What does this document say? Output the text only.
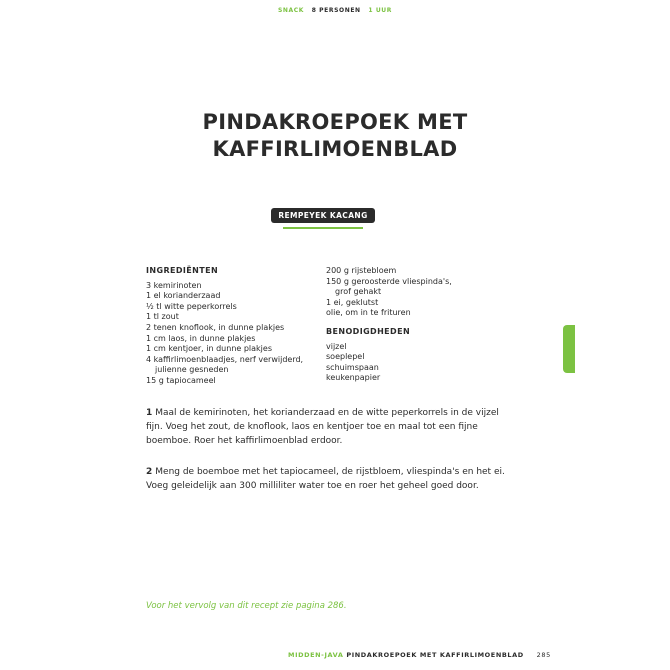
SNACK 8 PERSONEN 1 UUR
PINDAKROEPOEK MET
KAFFIRLIMOENBLAD
REMPEYEK KACANG
INGREDIËNTEN
3 kemirinoten
1 el korianderzaad
½ tl witte peperkorrels
1 tl zout
2 tenen knoflook, in dunne plakjes
1 cm laos, in dunne plakjes
1 cm kentjoer, in dunne plakjes
4 kaffirlimoenblaadjes, nerf verwijderd,
julienne gesneden
15 g tapiocameel
200 g rijstebloem
150 g geroosterde vliespinda's,
grof gehakt
1 ei, geklutst
olie, om in te frituren
BENODIGDHEDEN
vijzel
soeplepel
schuimspaan
keukenpapier
1 Maal de kemirinoten, het korianderzaad en de witte peperkorrels in de vijzel fijn. Voeg het zout, de knoflook, laos en kentjoer toe en maal tot een fijne boemboe. Roer het kaffirlimoenblad erdoor.
2 Meng de boemboe met het tapiocameel, de rijstbloem, vliespinda's en het ei. Voeg geleidelijk aan 300 milliliter water toe en roer het geheel goed door.
Voor het vervolg van dit recept zie pagina 286.
MIDDEN-JAVA PINDAKROEPOEK MET KAFFIRLIMOENBLAD 285
